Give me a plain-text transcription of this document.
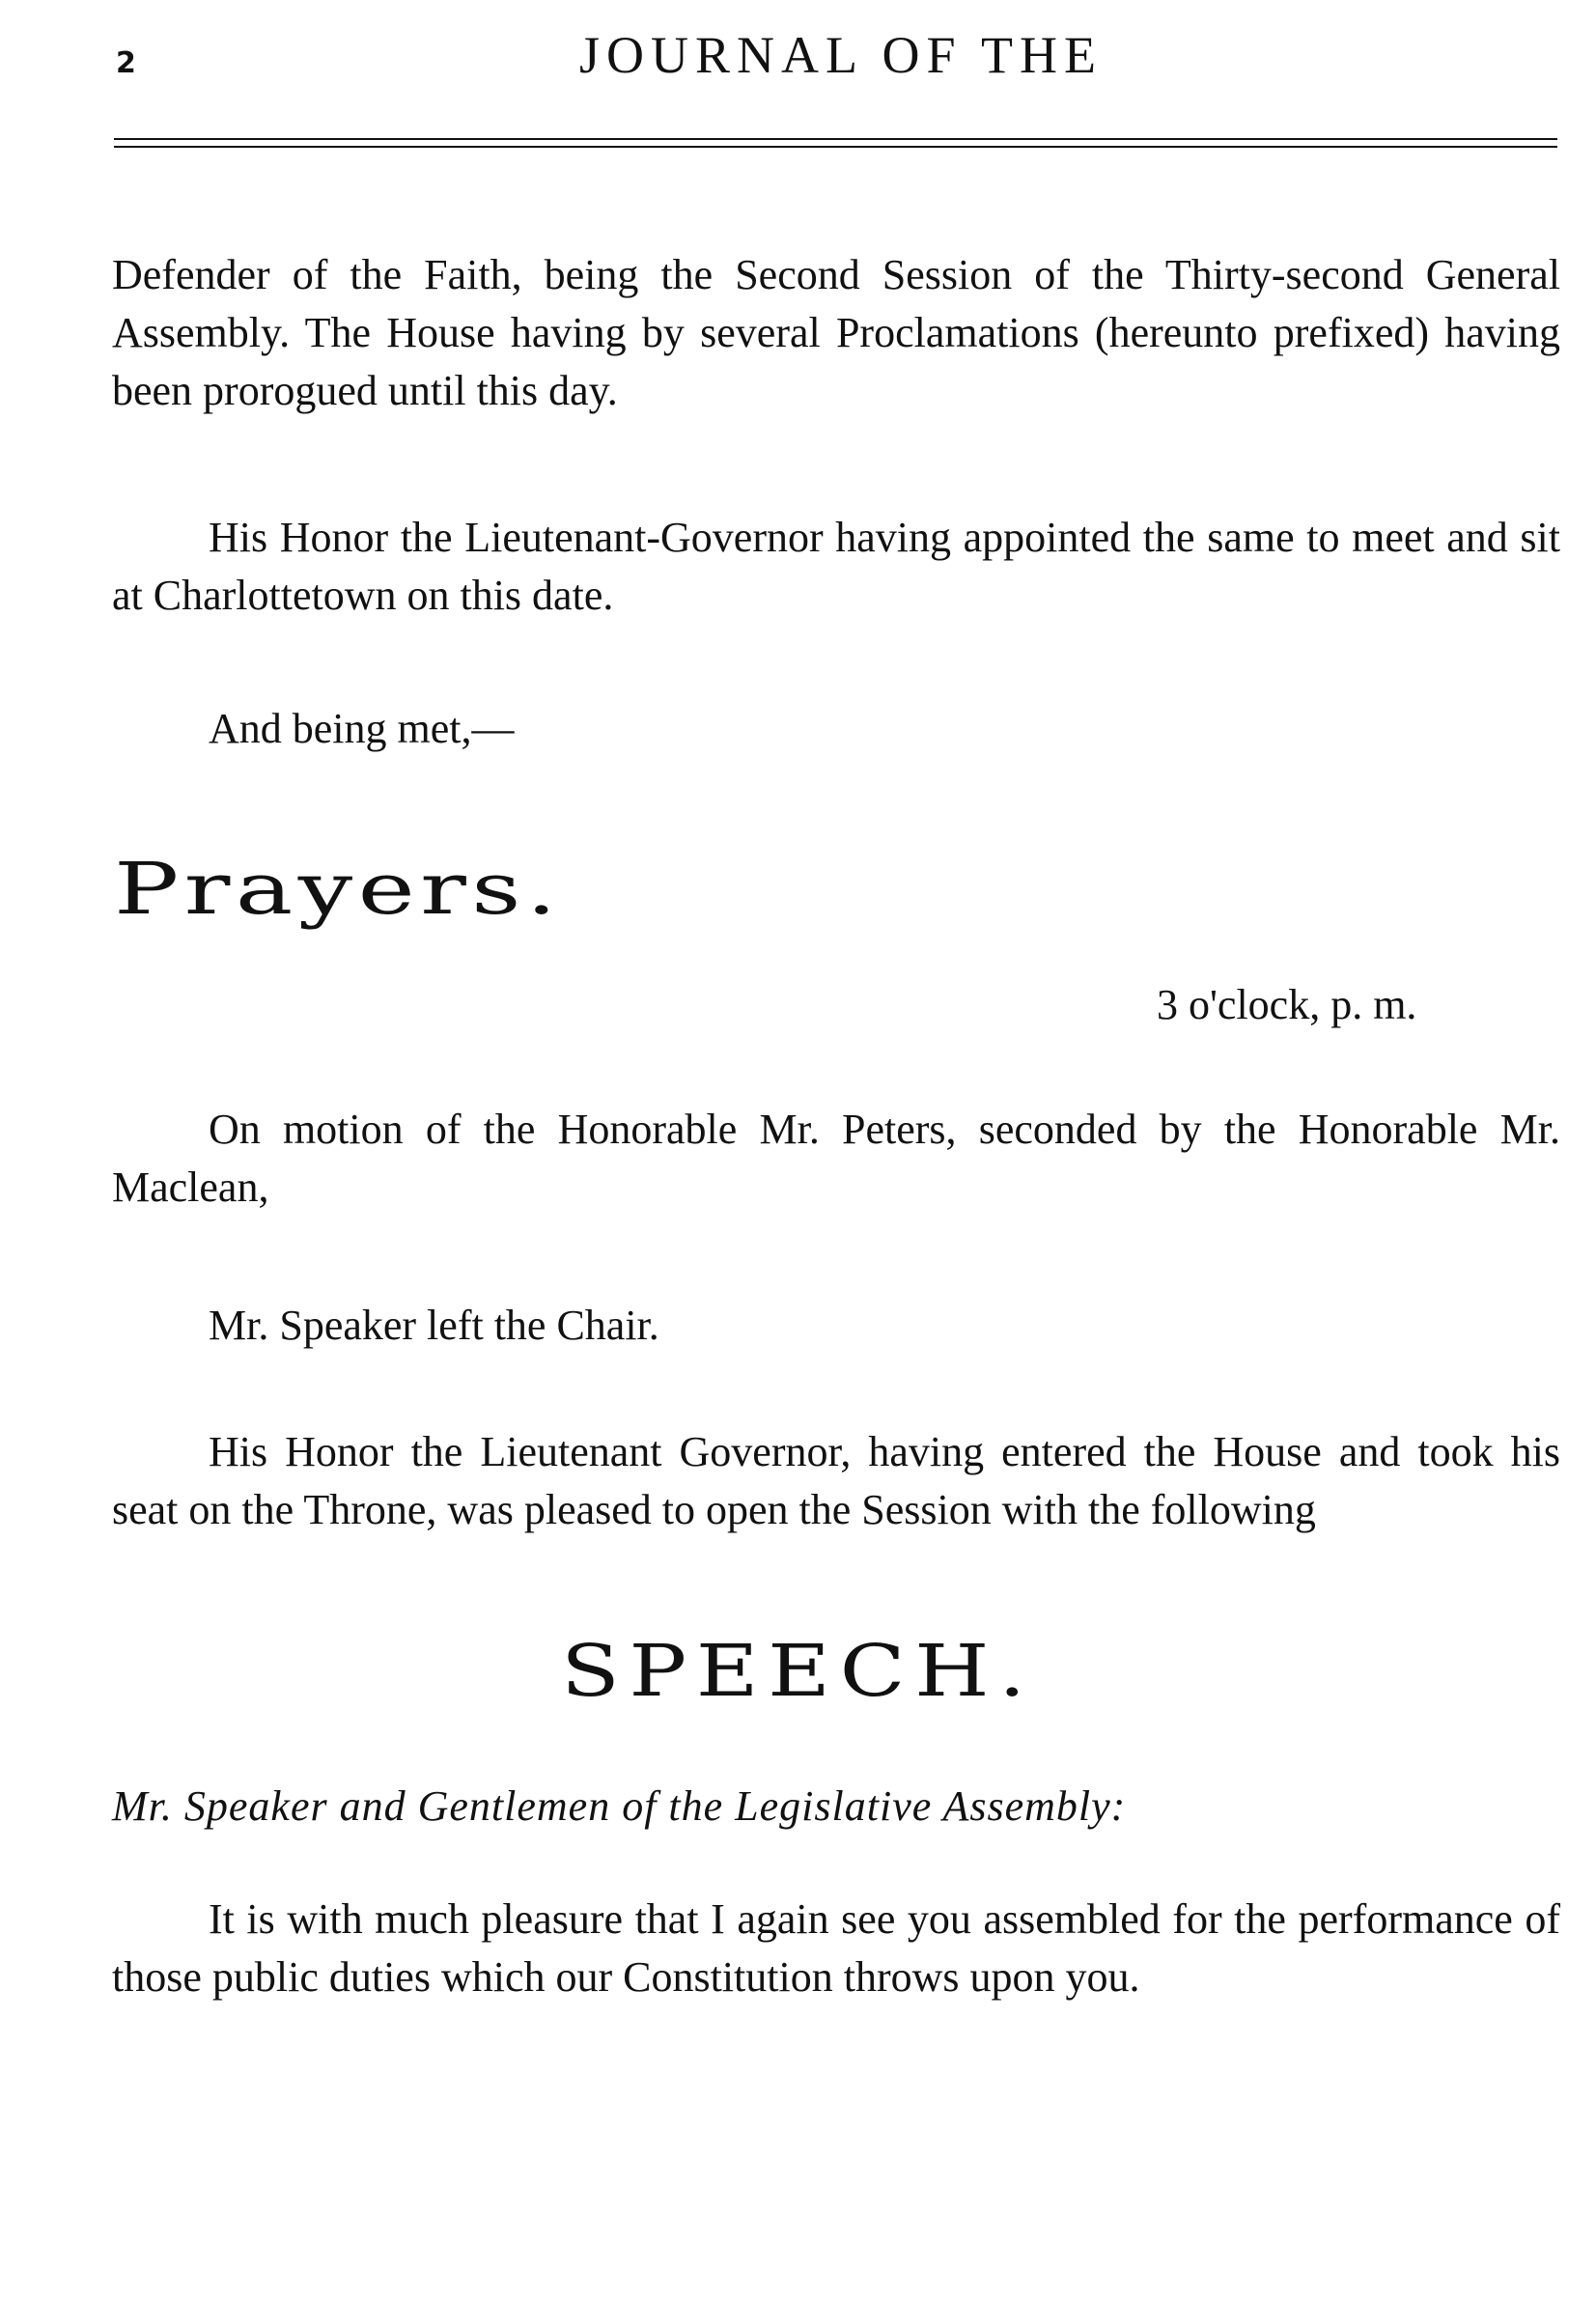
2	JOURNAL OF THE
Defender of the Faith, being the Second Session of the Thirty-second General Assembly. The House having by several Proclamations (hereunto prefixed) having been prorogued until this day.
His Honor the Lieutenant-Governor having appointed the same to meet and sit at Charlottetown on this date.
And being met,—
Prayers.
3 o'clock, p. m.
On motion of the Honorable Mr. Peters, seconded by the Honorable Mr. Maclean,
Mr. Speaker left the Chair.
His Honor the Lieutenant Governor, having entered the House and took his seat on the Throne, was pleased to open the Session with the following
SPEECH.
Mr. Speaker and Gentlemen of the Legislative Assembly:
It is with much pleasure that I again see you assembled for the performance of those public duties which our Constitution throws upon you.
